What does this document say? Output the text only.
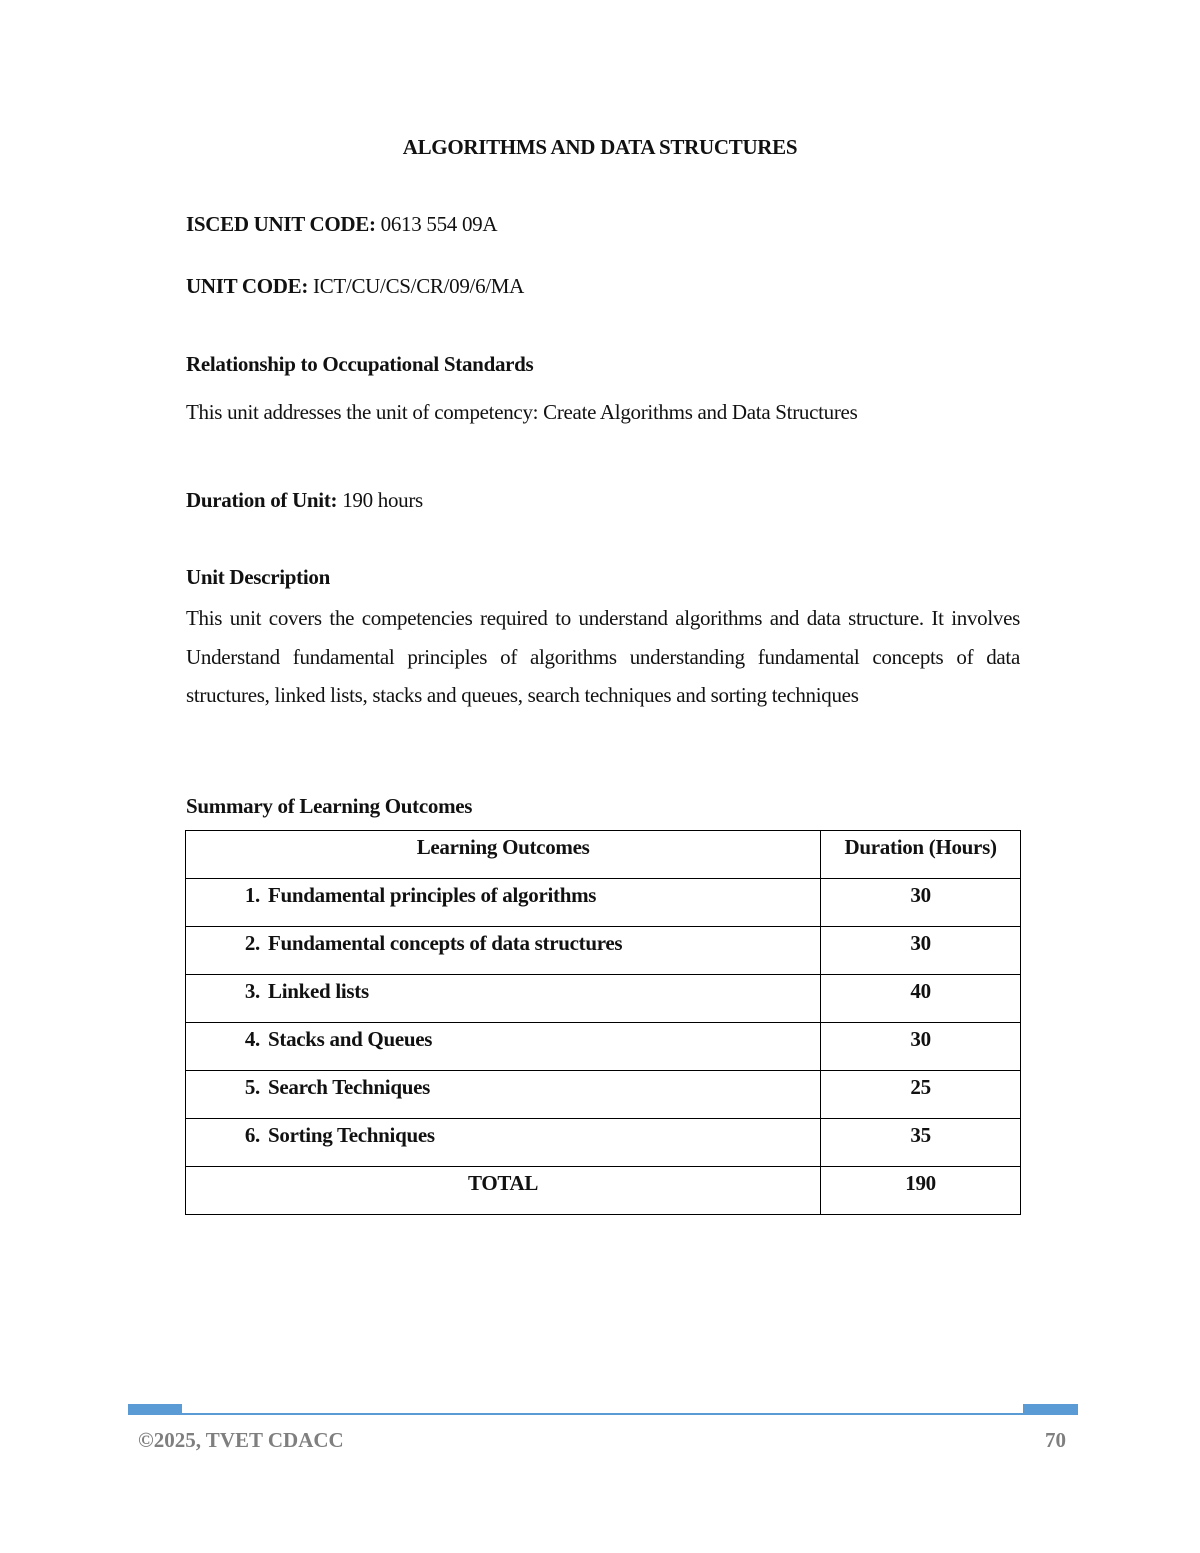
ALGORITHMS AND DATA STRUCTURES
ISCED UNIT CODE: 0613 554 09A
UNIT CODE: ICT/CU/CS/CR/09/6/MA
Relationship to Occupational Standards
This unit addresses the unit of competency: Create Algorithms and Data Structures
Duration of Unit: 190 hours
Unit Description
This unit covers the competencies required to understand algorithms and data structure. It involves Understand fundamental principles of algorithms understanding fundamental concepts of data structures, linked lists, stacks and queues, search techniques and sorting techniques
Summary of Learning Outcomes
Learning Outcomes	Duration (Hours)
1. Fundamental principles of algorithms	30
2. Fundamental concepts of data structures	30
3. Linked lists	40
4. Stacks and Queues	30
5. Search Techniques	25
6. Sorting Techniques	35
TOTAL	190
©2025, TVET CDACC	70
